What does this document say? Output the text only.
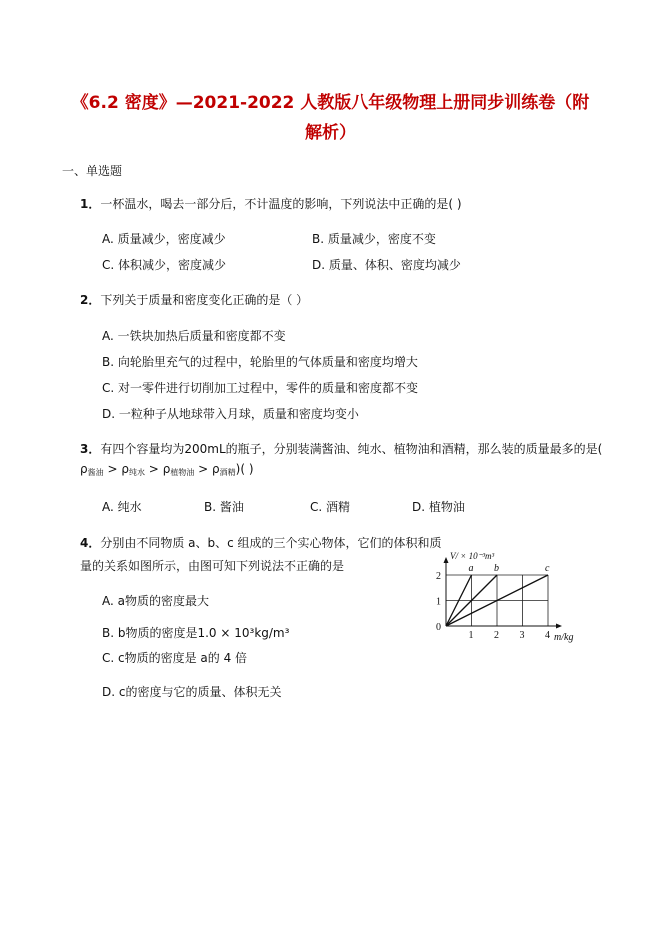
《6.2 密度》—2021-2022 人教版八年级物理上册同步训练卷（附
解析）
一、单选题
1．一杯温水，喝去一部分后，不计温度的影响，下列说法中正确的是( )
A. 质量减少，密度减少	B. 质量减少，密度不变
C. 体积减少，密度减少	D. 质量、体积、密度均减少
2．下列关于质量和密度变化正确的是（ ）
A. 一铁块加热后质量和密度都不变
B. 向轮胎里充气的过程中，轮胎里的气体质量和密度均增大
C. 对一零件进行切削加工过程中，零件的质量和密度都不变
D. 一粒种子从地球带入月球，质量和密度均变小
3．有四个容量均为200mL的瓶子，分别装满酱油、纯水、植物油和酒精，那么装的质量最多的是(
$\rho_{酱油} > \rho_{纯水} > \rho_{植物油} > \rho_{酒精}$)( )
A. 纯水	B. 酱油	C. 酒精	D. 植物油
4．分别由不同物质 a、b、c 组成的三个实心物体，它们的体积和质
量的关系如图所示，由图可知下列说法不正确的是
A. a物质的密度最大
B. b物质的密度是1.0 × 10³kg/m³
C. c物质的密度是 a的 4 倍
D. c的密度与它的质量、体积无关
a b	c
1 2 3 4
0
1
2
m/kg
V/ × 10⁻³m³
